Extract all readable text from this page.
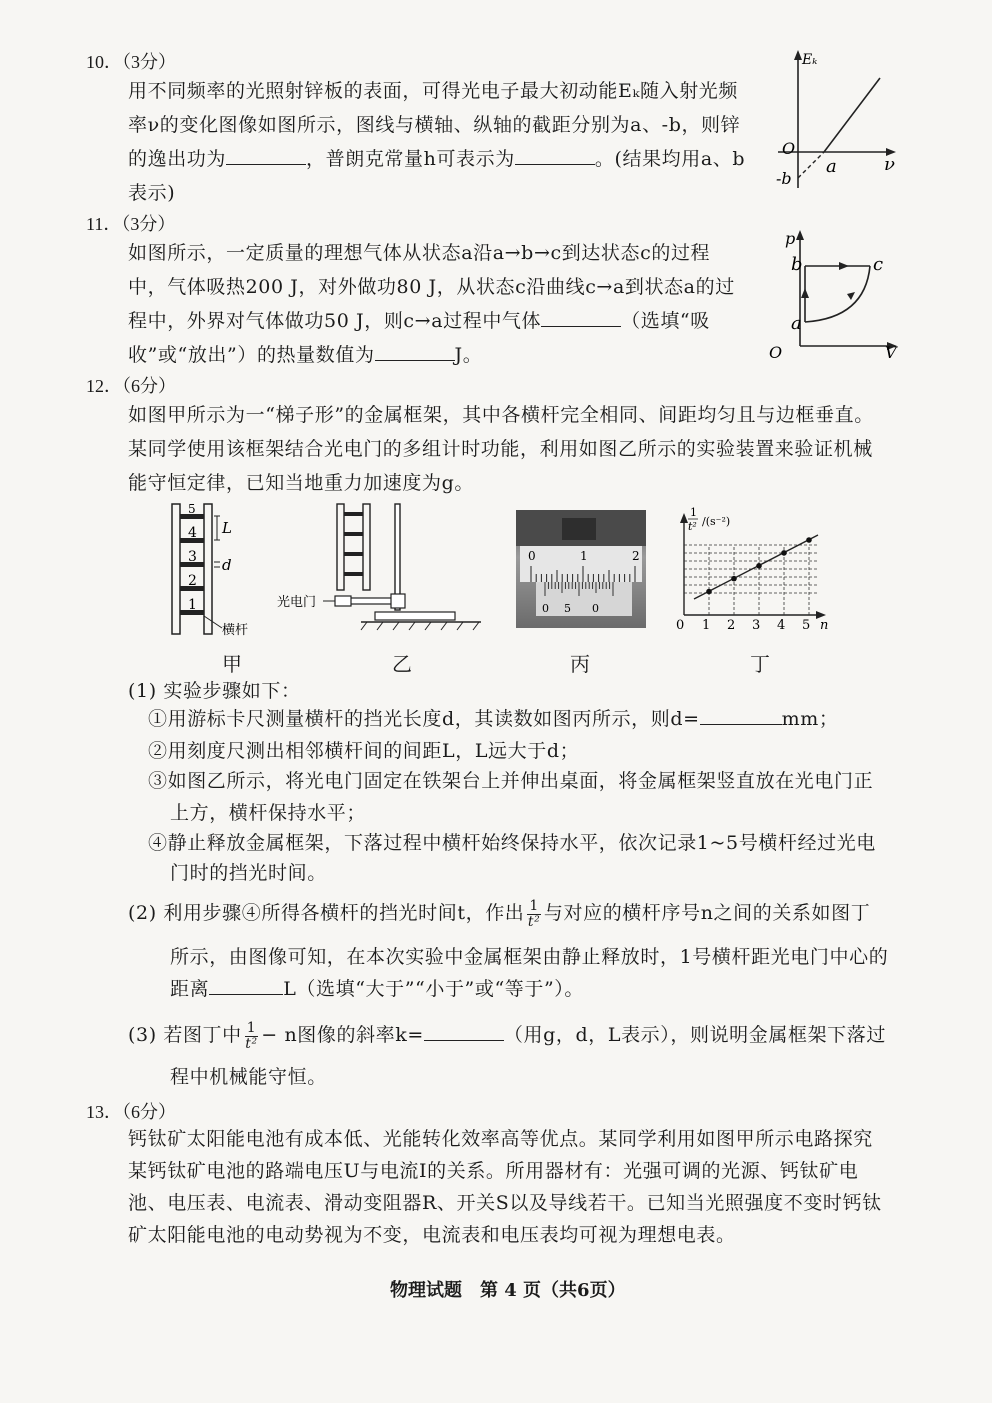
10．（3分）
用不同频率的光照射锌板的表面，可得光电子最大初动能Eₖ随入射光频
率ν的变化图像如图所示，图线与横轴、纵轴的截距分别为a、-b，则锌
的逸出功为	，普朗克常量h可表示为	。(结果均用a、b
表示)
Eₖ
ν
O
a
-b
11．（3分）
如图所示，一定质量的理想气体从状态a沿a→b→c到达状态c的过程
中，气体吸热200 J，对外做功80 J，从状态c沿曲线c→a到状态a的过
程中，外界对气体做功50 J，则c→a过程中气体	（选填“吸
收”或“放出”）的热量数值为	J。
p
V
O
a
b	c
12．（6分）
如图甲所示为一“梯子形”的金属框架，其中各横杆完全相同、间距均匀且与边框垂直。
某同学使用该框架结合光电门的多组计时功能，利用如图乙所示的实验装置来验证机械
能守恒定律，已知当地重力加速度为g。
5
4
3
2
1
L
d
横杆
甲
光电门
乙
0	1	2
0 5 0
丙
1
t² /(s⁻²)
0 1 2 3 4 5 n
丁
(1) 实验步骤如下：
①用游标卡尺测量横杆的挡光长度d，其读数如图丙所示，则d=	mm；
②用刻度尺测出相邻横杆间的间距L，L远大于d；
③如图乙所示，将光电门固定在铁架台上并伸出桌面，将金属框架竖直放在光电门正
上方，横杆保持水平；
④静止释放金属框架，下落过程中横杆始终保持水平，依次记录1~5号横杆经过光电
门时的挡光时间。
(2) 利用步骤④所得各横杆的挡光时间t，作出 $\frac{1}{\text{t²}}$ 与对应的横杆序号n之间的关系如图丁
所示，由图像可知，在本次实验中金属框架由静止释放时，1号横杆距光电门中心的
距离	L（选填“大于”“小于”或“等于”）。
(3) 若图丁中 $\frac{1}{\text{t²}} - n$图像的斜率k=	（用g，d，L表示），则说明金属框架下落过
程中机械能守恒。
13．（6分）
钙钛矿太阳能电池有成本低、光能转化效率高等优点。某同学利用如图甲所示电路探究
某钙钛矿电池的路端电压U与电流I的关系。所用器材有：光强可调的光源、钙钛矿电
池、电压表、电流表、滑动变阻器R、开关S以及导线若干。已知当光照强度不变时钙钛
矿太阳能电池的电动势视为不变，电流表和电压表均可视为理想电表。
物理试题　第 4 页（共6页）
